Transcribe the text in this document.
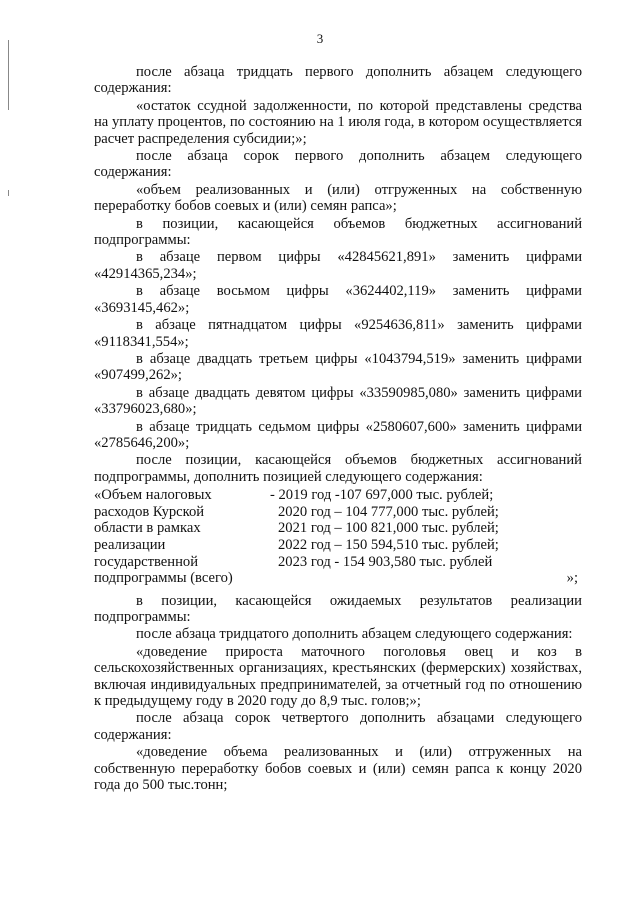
3

после абзаца тридцать первого дополнить абзацем следующего содержания:

«остаток ссудной задолженности, по которой представлены средства на уплату процентов, по состоянию на 1 июля года, в котором осуществляется расчет распределения субсидии;»;

после абзаца сорок первого дополнить абзацем следующего содержания:

«объем реализованных и (или) отгруженных на собственную переработку бобов соевых и (или) семян рапса»;

в позиции, касающейся объемов бюджетных ассигнований подпрограммы:

в абзаце первом цифры «42845621,891» заменить цифрами «42914365,234»;

в абзаце восьмом цифры «3624402,119» заменить цифрами «3693145,462»;

в абзаце пятнадцатом цифры «9254636,811» заменить цифрами «9118341,554»;

в абзаце двадцать третьем цифры «1043794,519» заменить цифрами «907499,262»;

в абзаце двадцать девятом цифры «33590985,080» заменить цифрами «33796023,680»;

в абзаце тридцать седьмом цифры «2580607,600» заменить цифрами «2785646,200»;

после позиции, касающейся объемов бюджетных ассигнований подпрограммы, дополнить позицией следующего содержания:

«Объем налоговых
расходов Курской
области в рамках
реализации
государственной
подпрограммы (всего)
- 2019 год -107 697,000 тыс. рублей;
2020 год – 104 777,000 тыс. рублей;
2021 год – 100 821,000 тыс. рублей;
2022 год – 150 594,510 тыс. рублей;
2023 год - 154 903,580 тыс. рублей
»;

в позиции, касающейся ожидаемых результатов реализации подпрограммы:

после абзаца тридцатого дополнить абзацем следующего содержания:

«доведение прироста маточного поголовья овец и коз в сельскохозяйственных организациях, крестьянских (фермерских) хозяйствах, включая индивидуальных предпринимателей, за отчетный год по отношению к предыдущему году в 2020 году до 8,9 тыс. голов;»;

после абзаца сорок четвертого дополнить абзацами следующего содержания:

«доведение объема реализованных и (или) отгруженных на собственную переработку бобов соевых и (или) семян рапса к концу 2020 года до 500 тыс.тонн;
